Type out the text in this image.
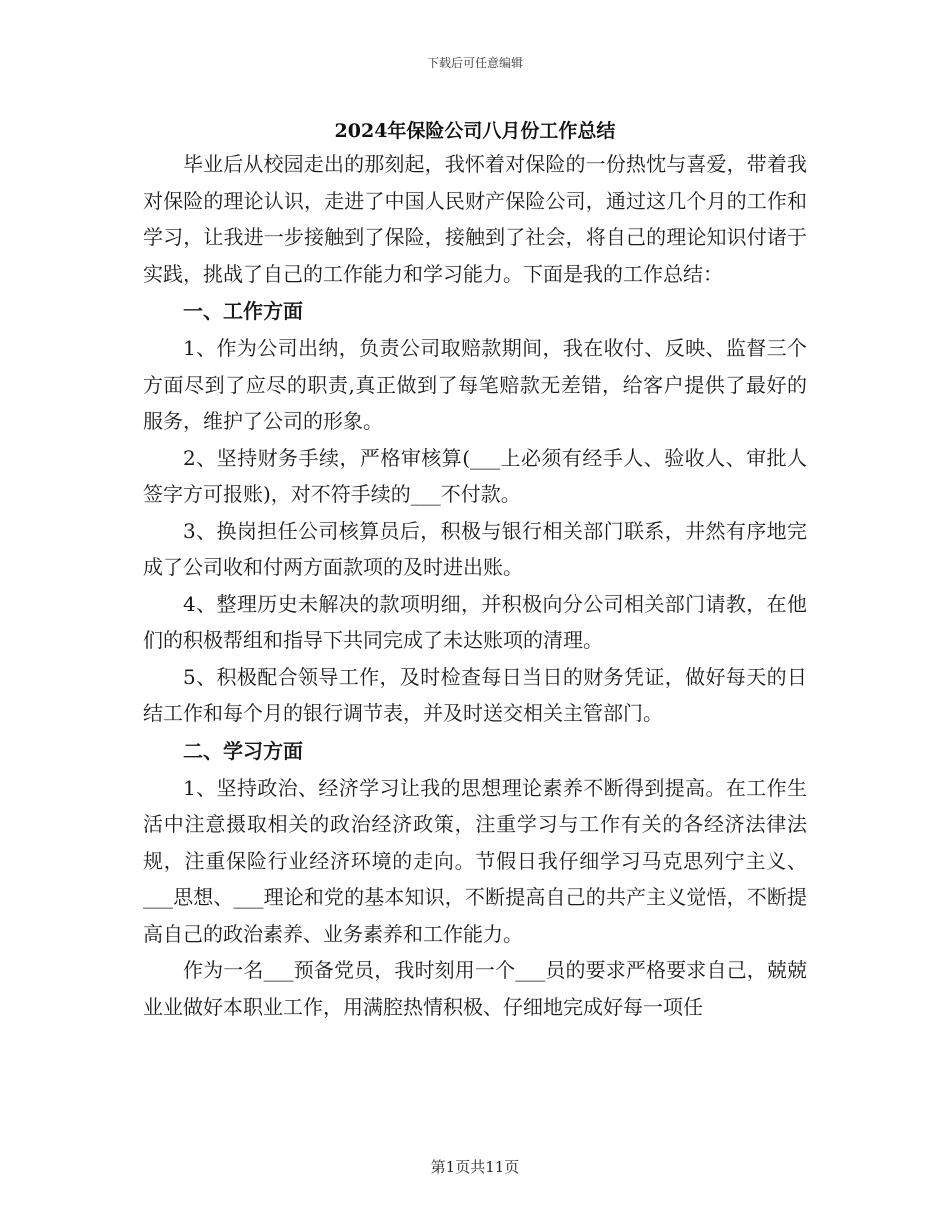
下载后可任意编辑
2024年保险公司八月份工作总结

毕业后从校园走出的那刻起，我怀着对保险的一份热忱与喜爱，带着我对保险的理论认识，走进了中国人民财产保险公司，通过这几个月的工作和学习，让我进一步接触到了保险，接触到了社会，将自己的理论知识付诸于实践，挑战了自己的工作能力和学习能力。下面是我的工作总结：

一、工作方面

1、作为公司出纳，负责公司取赔款期间，我在收付、反映、监督三个方面尽到了应尽的职责,真正做到了每笔赔款无差错，给客户提供了最好的服务，维护了公司的形象。

2、坚持财务手续，严格审核算(___上必须有经手人、验收人、审批人签字方可报账)，对不符手续的___不付款。

3、换岗担任公司核算员后，积极与银行相关部门联系，井然有序地完成了公司收和付两方面款项的及时进出账。

4、整理历史未解决的款项明细，并积极向分公司相关部门请教，在他们的积极帮组和指导下共同完成了未达账项的清理。

5、积极配合领导工作，及时检查每日当日的财务凭证，做好每天的日结工作和每个月的银行调节表，并及时送交相关主管部门。

二、学习方面

1、坚持政治、经济学习让我的思想理论素养不断得到提高。在工作生活中注意摄取相关的政治经济政策，注重学习与工作有关的各经济法律法规，注重保险行业经济环境的走向。节假日我仔细学习马克思列宁主义、___思想、___理论和党的基本知识，不断提高自己的共产主义觉悟，不断提高自己的政治素养、业务素养和工作能力。

作为一名___预备党员，我时刻用一个___员的要求严格要求自己，兢兢业业做好本职业工作，用满腔热情积极、仔细地完成好每一项任

第1页共11页
